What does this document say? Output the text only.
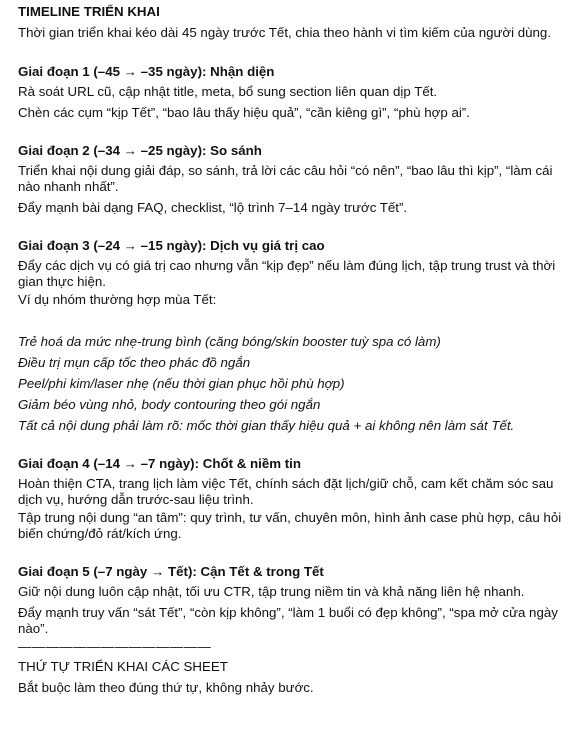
TIMELINE TRIỂN KHAI

Thời gian triển khai kéo dài 45 ngày trước Tết, chia theo hành vi tìm kiếm của người dùng.

Giai đoạn 1 (–45 → –35 ngày): Nhận diện

Rà soát URL cũ, cập nhật title, meta, bổ sung section liên quan dịp Tết.

Chèn các cụm “kịp Tết”, “bao lâu thấy hiệu quả”, “cần kiêng gì”, “phù hợp ai”.

Giai đoạn 2 (–34 → –25 ngày): So sánh

Triển khai nội dung giải đáp, so sánh, trả lời các câu hỏi “có nên”, “bao lâu thì kịp”, “làm cái nào nhanh nhất”.

Đẩy mạnh bài dạng FAQ, checklist, “lộ trình 7–14 ngày trước Tết”.

Giai đoạn 3 (–24 → –15 ngày): Dịch vụ giá trị cao

Đẩy các dịch vụ có giá trị cao nhưng vẫn “kịp đẹp” nếu làm đúng lịch, tập trung trust và thời gian thực hiện.

Ví dụ nhóm thường hợp mùa Tết:

Trẻ hoá da mức nhẹ-trung bình (căng bóng/skin booster tuỳ spa có làm)

Điều trị mụn cấp tốc theo phác đồ ngắn

Peel/phi kim/laser nhẹ (nếu thời gian phục hồi phù hợp)

Giảm béo vùng nhỏ, body contouring theo gói ngắn

Tất cả nội dung phải làm rõ: mốc thời gian thấy hiệu quả + ai không nên làm sát Tết.

Giai đoạn 4 (–14 → –7 ngày): Chốt & niềm tin

Hoàn thiện CTA, trang lịch làm việc Tết, chính sách đặt lịch/giữ chỗ, cam kết chăm sóc sau dịch vụ, hướng dẫn trước-sau liệu trình.

Tập trung nội dung “an tâm”: quy trình, tư vấn, chuyên môn, hình ảnh case phù hợp, câu hỏi biến chứng/đỏ rát/kích ứng.

Giai đoạn 5 (–7 ngày → Tết): Cận Tết & trong Tết

Giữ nội dung luôn cập nhật, tối ưu CTR, tập trung niềm tin và khả năng liên hệ nhanh.

Đẩy mạnh truy vấn “sát Tết”, “còn kịp không”, “làm 1 buổi có đẹp không”, “spa mở cửa ngày nào”.

——————————————

THỨ TỰ TRIỂN KHAI CÁC SHEET

Bắt buộc làm theo đúng thứ tự, không nhảy bước.
